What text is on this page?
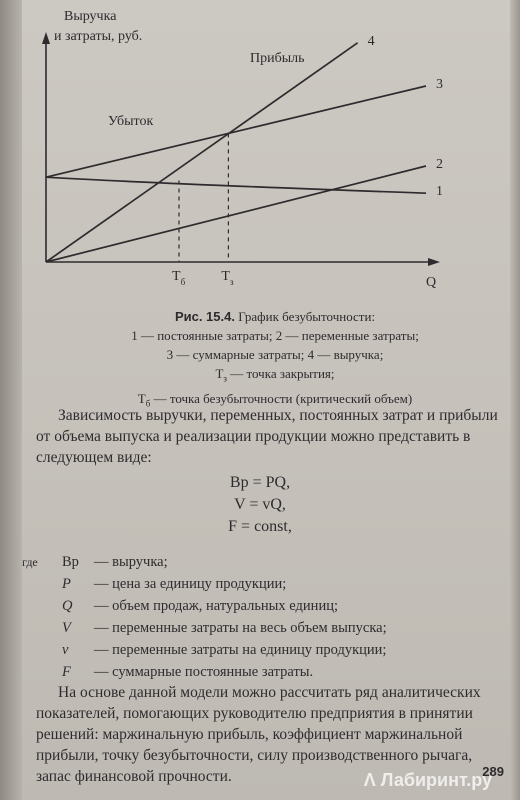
Выручка
и затраты, руб.
Q
Прибыль
Убыток
1
2
3
4
$Т_б$	$Т_з$
Рис. 15.4. График безубыточности:
1 — постоянные затраты; 2 — переменные затраты;
3 — суммарные затраты; 4 — выручка;
$Т_з$ — точка закрытия;
$Т_б$ — точка безубыточности (критический объем)
Зависимость выручки, переменных, постоянных затрат и прибыли от объема выпуска и реализации продукции можно представить в следующем виде:
Вр = PQ,
V = vQ,
F = const,
где Вр — выручка;
P — цена за единицу продукции;
Q — объем продаж, натуральных единиц;
V — переменные затраты на весь объем выпуска;
v — переменные затраты на единицу продукции;
F — суммарные постоянные затраты.
На основе данной модели можно рассчитать ряд аналитических показателей, помогающих руководителю предприятия в принятии решений: маржинальную прибыль, коэффициент маржинальной прибыли, точку безубыточности, силу производственного рычага, запас финансовой прочности.	Λ Лабиринт.ру
289
